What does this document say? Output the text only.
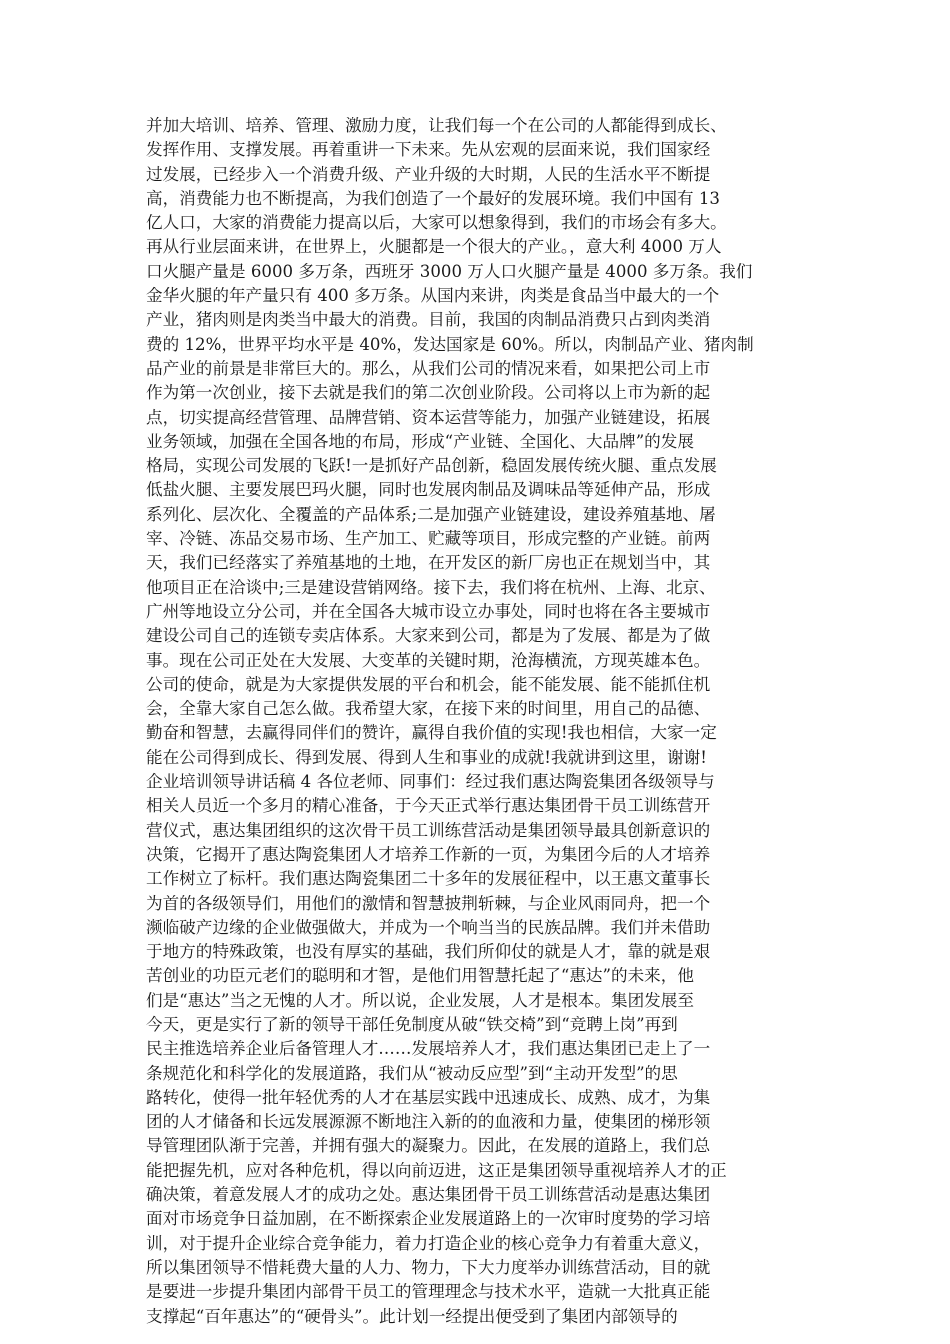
并加大培训、培养、管理、激励力度，让我们每一个在公司的人都能得到成长、
发挥作用、支撑发展。再着重讲一下未来。先从宏观的层面来说，我们国家经
过发展，已经步入一个消费升级、产业升级的大时期，人民的生活水平不断提
高，消费能力也不断提高，为我们创造了一个最好的发展环境。我们中国有 13
亿人口，大家的消费能力提高以后，大家可以想象得到，我们的市场会有多大。
再从行业层面来讲，在世界上，火腿都是一个很大的产业。，意大利 4000 万人
口火腿产量是 6000 多万条，西班牙 3000 万人口火腿产量是 4000 多万条。我们
金华火腿的年产量只有 400 多万条。从国内来讲，肉类是食品当中最大的一个
产业，猪肉则是肉类当中最大的消费。目前，我国的肉制品消费只占到肉类消
费的 12%，世界平均水平是 40%，发达国家是 60%。所以，肉制品产业、猪肉制
品产业的前景是非常巨大的。那么，从我们公司的情况来看，如果把公司上市
作为第一次创业，接下去就是我们的第二次创业阶段。公司将以上市为新的起
点，切实提高经营管理、品牌营销、资本运营等能力，加强产业链建设，拓展
业务领域，加强在全国各地的布局，形成“产业链、全国化、大品牌”的发展
格局，实现公司发展的飞跃!一是抓好产品创新，稳固发展传统火腿、重点发展
低盐火腿、主要发展巴玛火腿，同时也发展肉制品及调味品等延伸产品，形成
系列化、层次化、全覆盖的产品体系;二是加强产业链建设，建设养殖基地、屠
宰、冷链、冻品交易市场、生产加工、贮藏等项目，形成完整的产业链。前两
天，我们已经落实了养殖基地的土地，在开发区的新厂房也正在规划当中，其
他项目正在洽谈中;三是建设营销网络。接下去，我们将在杭州、上海、北京、
广州等地设立分公司，并在全国各大城市设立办事处，同时也将在各主要城市
建设公司自己的连锁专卖店体系。大家来到公司，都是为了发展、都是为了做
事。现在公司正处在大发展、大变革的关键时期，沧海横流，方现英雄本色。
公司的使命，就是为大家提供发展的平台和机会，能不能发展、能不能抓住机
会，全靠大家自己怎么做。我希望大家，在接下来的时间里，用自己的品德、
勤奋和智慧，去赢得同伴们的赞许，赢得自我价值的实现!我也相信，大家一定
能在公司得到成长、得到发展、得到人生和事业的成就!我就讲到这里，谢谢!
企业培训领导讲话稿 4 各位老师、同事们：经过我们惠达陶瓷集团各级领导与
相关人员近一个多月的精心准备，于今天正式举行惠达集团骨干员工训练营开
营仪式，惠达集团组织的这次骨干员工训练营活动是集团领导最具创新意识的
决策，它揭开了惠达陶瓷集团人才培养工作新的一页，为集团今后的人才培养
工作树立了标杆。我们惠达陶瓷集团二十多年的发展征程中，以王惠文董事长
为首的各级领导们，用他们的激情和智慧披荆斩棘，与企业风雨同舟，把一个
濒临破产边缘的企业做强做大，并成为一个响当当的民族品牌。我们并未借助
于地方的特殊政策，也没有厚实的基础，我们所仰仗的就是人才，靠的就是艰
苦创业的功臣元老们的聪明和才智，是他们用智慧托起了“惠达”的未来，他
们是“惠达”当之无愧的人才。所以说，企业发展，人才是根本。集团发展至
今天，更是实行了新的领导干部任免制度从破“铁交椅”到“竞聘上岗”再到
民主推选培养企业后备管理人才……发展培养人才，我们惠达集团已走上了一
条规范化和科学化的发展道路，我们从“被动反应型”到“主动开发型”的思
路转化，使得一批年轻优秀的人才在基层实践中迅速成长、成熟、成才，为集
团的人才储备和长远发展源源不断地注入新的的血液和力量，使集团的梯形领
导管理团队渐于完善，并拥有强大的凝聚力。因此，在发展的道路上，我们总
能把握先机，应对各种危机，得以向前迈进，这正是集团领导重视培养人才的正
确决策，着意发展人才的成功之处。惠达集团骨干员工训练营活动是惠达集团
面对市场竞争日益加剧，在不断探索企业发展道路上的一次审时度势的学习培
训，对于提升企业综合竞争能力，着力打造企业的核心竞争力有着重大意义，
所以集团领导不惜耗费大量的人力、物力，下大力度举办训练营活动，目的就
是要进一步提升集团内部骨干员工的管理理念与技术水平，造就一大批真正能
支撑起“百年惠达”的“硬骨头”。此计划一经提出便受到了集团内部领导的
